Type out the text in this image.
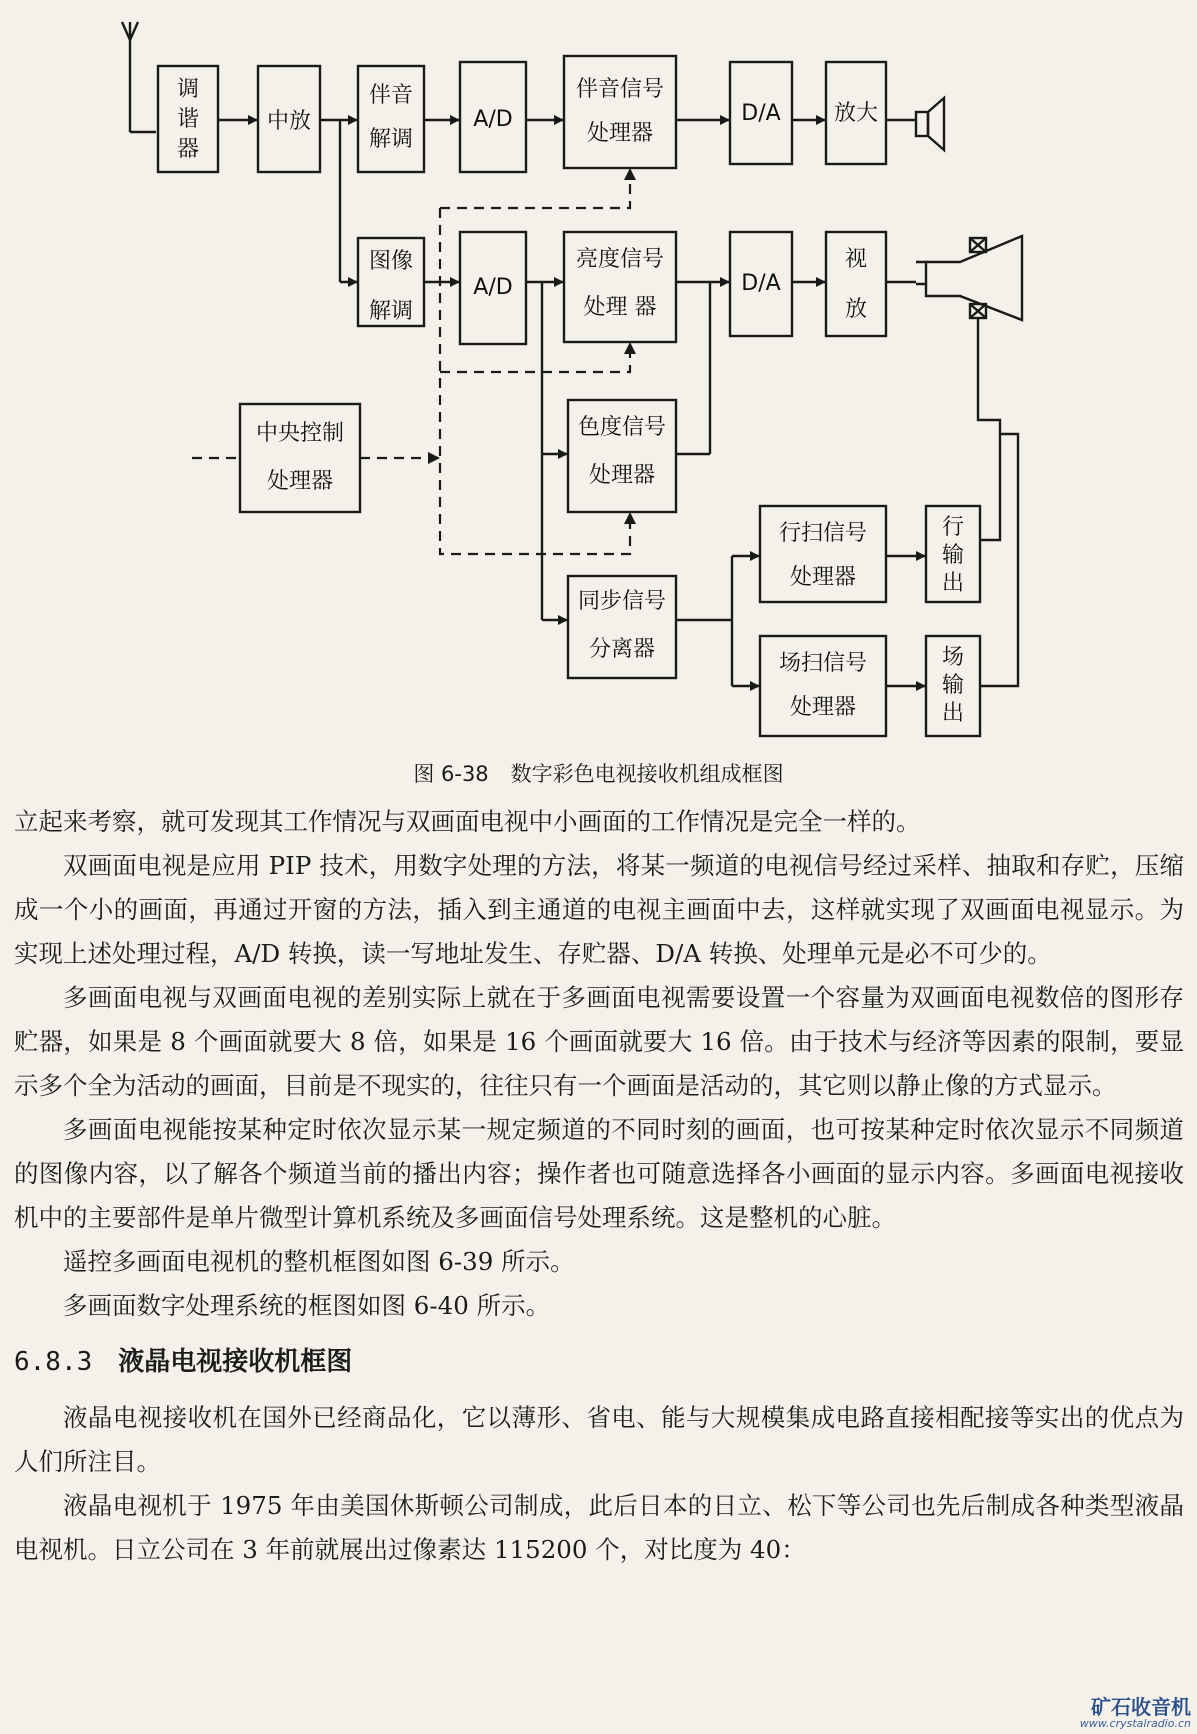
调
谐
器
中放
伴音
解调
A/D
伴音信号
处理器
D/A 放大
图像
解调
A/D
亮度信号
处理 器
D/A
视
放
中央控制
处理器
色度信号
处理器
行扫信号
处理器
行
输
出
同步信号
分离器
场扫信号
处理器
场
输
出
图 6-38 数字彩色电视接收机组成框图

立起来考察，就可发现其工作情况与双画面电视中小画面的工作情况是完全一样的。

双画面电视是应用 PIP 技术，用数字处理的方法，将某一频道的电视信号经过采样、抽取和存贮，压缩成一个小的画面，再通过开窗的方法，插入到主通道的电视主画面中去，这样就实现了双画面电视显示。为实现上述处理过程，A/D 转换，读一写地址发生、存贮器、D/A 转换、处理单元是必不可少的。

多画面电视与双画面电视的差别实际上就在于多画面电视需要设置一个容量为双画面电视数倍的图形存贮器，如果是 8 个画面就要大 8 倍，如果是 16 个画面就要大 16 倍。由于技术与经济等因素的限制，要显示多个全为活动的画面，目前是不现实的，往往只有一个画面是活动的，其它则以静止像的方式显示。

多画面电视能按某种定时依次显示某一规定频道的不同时刻的画面，也可按某种定时依次显示不同频道的图像内容，以了解各个频道当前的播出内容；操作者也可随意选择各小画面的显示内容。多画面电视接收机中的主要部件是单片微型计算机系统及多画面信号处理系统。这是整机的心脏。

遥控多画面电视机的整机框图如图 6-39 所示。

多画面数字处理系统的框图如图 6-40 所示。

6.8.3 液晶电视接收机框图

液晶电视接收机在国外已经商品化，它以薄形、省电、能与大规模集成电路直接相配接等实出的优点为人们所注目。

液晶电视机于 1975 年由美国休斯顿公司制成，此后日本的日立、松下等公司也先后制成各种类型液晶电视机。日立公司在 3 年前就展出过像素达 115200 个，对比度为 40：

矿石收音机
www.crystalradio.cn
